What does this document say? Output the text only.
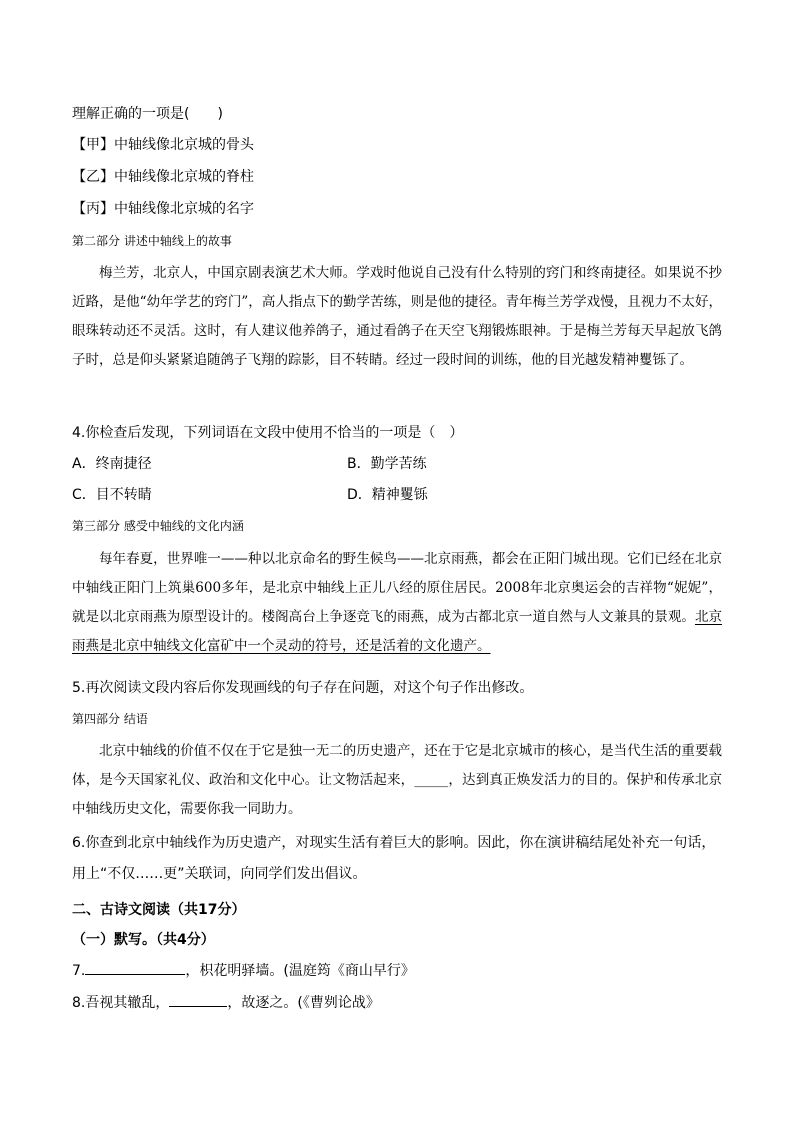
理解正确的一项是(　　)
【甲】中轴线像北京城的骨头
【乙】中轴线像北京城的脊柱
【丙】中轴线像北京城的名字
第二部分 讲述中轴线上的故事
梅兰芳，北京人，中国京剧表演艺术大师。学戏时他说自己没有什么特别的窍门和终南捷径。如果说不抄近路，是他“幼年学艺的窍门”，高人指点下的勤学苦练，则是他的捷径。青年梅兰芳学戏慢，且视力不太好，眼珠转动还不灵活。这时，有人建议他养鸽子，通过看鸽子在天空飞翔锻炼眼神。于是梅兰芳每天早起放飞鸽子时，总是仰头紧紧追随鸽子飞翔的踪影，目不转睛。经过一段时间的训练，他的目光越发精神矍铄了。
4.你检查后发现，下列词语在文段中使用不恰当的一项是（　）
A．终南捷径	B．勤学苦练
C．目不转睛	D．精神矍铄
第三部分 感受中轴线的文化内涵
每年春夏，世界唯一——种以北京命名的野生候鸟——北京雨燕，都会在正阳门城出现。它们已经在北京中轴线正阳门上筑巢600多年，是北京中轴线上正儿八经的原住居民。2008年北京奥运会的吉祥物“妮妮”，就是以北京雨燕为原型设计的。楼阁高台上争逐竞飞的雨燕，成为古都北京一道自然与人文兼具的景观。北京雨燕是北京中轴线文化富矿中一个灵动的符号，还是活着的文化遗产。
5.再次阅读文段内容后你发现画线的句子存在问题，对这个句子作出修改。
第四部分 结语
北京中轴线的价值不仅在于它是独一无二的历史遗产，还在于它是北京城市的核心，是当代生活的重要载体，是今天国家礼仪、政治和文化中心。让文物活起来，_____，达到真正焕发活力的目的。保护和传承北京中轴线历史文化，需要你我一同助力。
6.你查到北京中轴线作为历史遗产，对现实生活有着巨大的影响。因此，你在演讲稿结尾处补充一句话，用上“不仅……更”关联词，向同学们发出倡议。
二、古诗文阅读（共17分）
（一）默写。（共4分）
7.	，枳花明驿墙。(温庭筠《商山早行》
8.吾视其辙乱，	，故逐之。(《曹刿论战》
